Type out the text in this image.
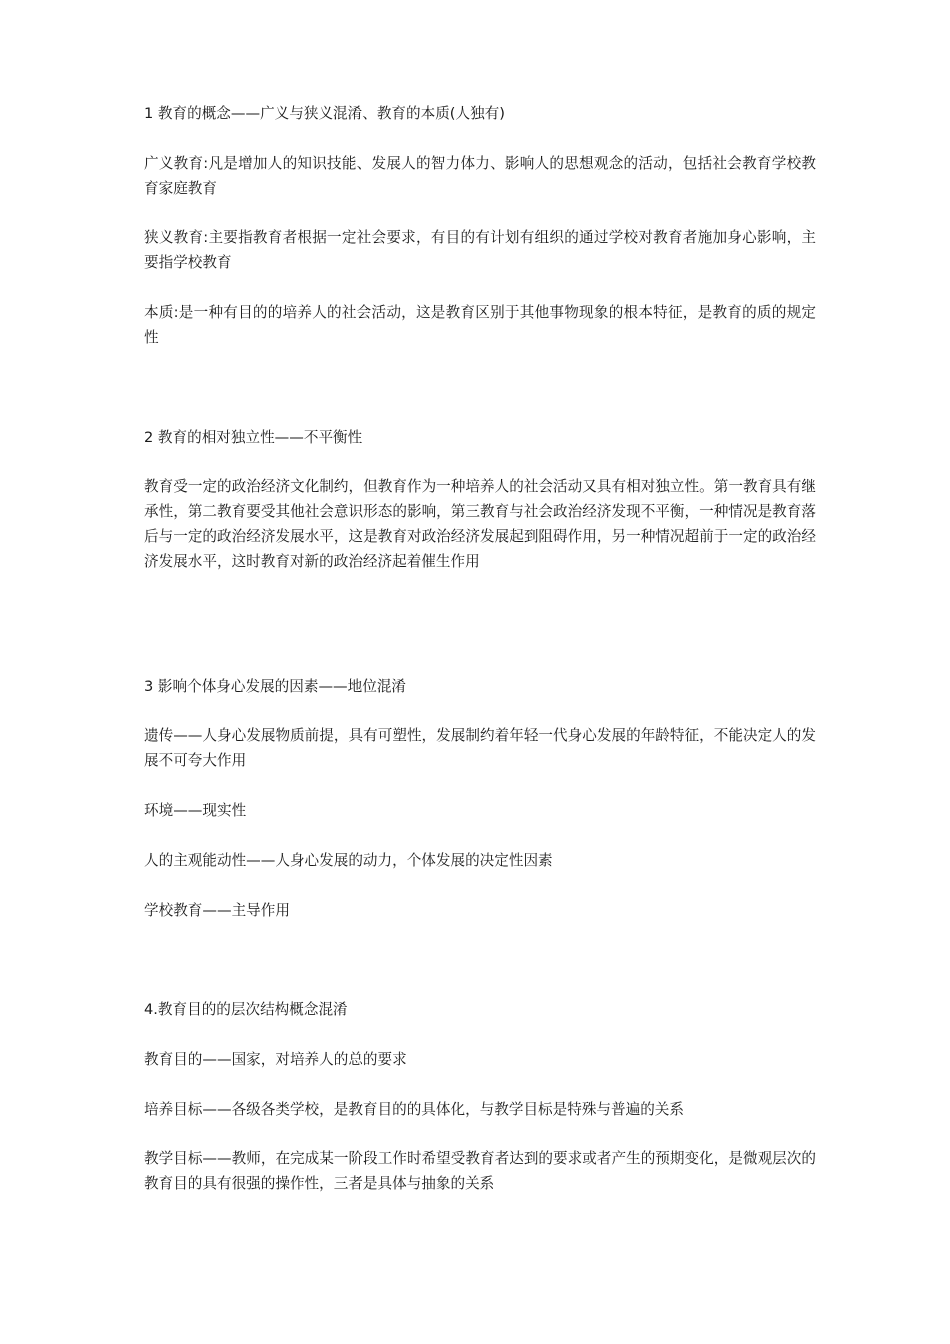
1 教育的概念——广义与狭义混淆、教育的本质(人独有)

广义教育:凡是增加人的知识技能、发展人的智力体力、影响人的思想观念的活动，包括社会教育学校教育家庭教育

狭义教育:主要指教育者根据一定社会要求，有目的有计划有组织的通过学校对教育者施加身心影响，主要指学校教育

本质:是一种有目的的培养人的社会活动，这是教育区别于其他事物现象的根本特征，是教育的质的规定性

2 教育的相对独立性——不平衡性

教育受一定的政治经济文化制约，但教育作为一种培养人的社会活动又具有相对独立性。第一教育具有继承性，第二教育要受其他社会意识形态的影响，第三教育与社会政治经济发现不平衡，一种情况是教育落后与一定的政治经济发展水平，这是教育对政治经济发展起到阻碍作用，另一种情况超前于一定的政治经济发展水平，这时教育对新的政治经济起着催生作用

3 影响个体身心发展的因素——地位混淆

遗传——人身心发展物质前提，具有可塑性，发展制约着年轻一代身心发展的年龄特征，不能决定人的发展不可夸大作用

环境——现实性

人的主观能动性——人身心发展的动力，个体发展的决定性因素

学校教育——主导作用

4.教育目的的层次结构概念混淆

教育目的——国家，对培养人的总的要求

培养目标——各级各类学校，是教育目的的具体化，与教学目标是特殊与普遍的关系

教学目标——教师，在完成某一阶段工作时希望受教育者达到的要求或者产生的预期变化，是微观层次的教育目的具有很强的操作性，三者是具体与抽象的关系
